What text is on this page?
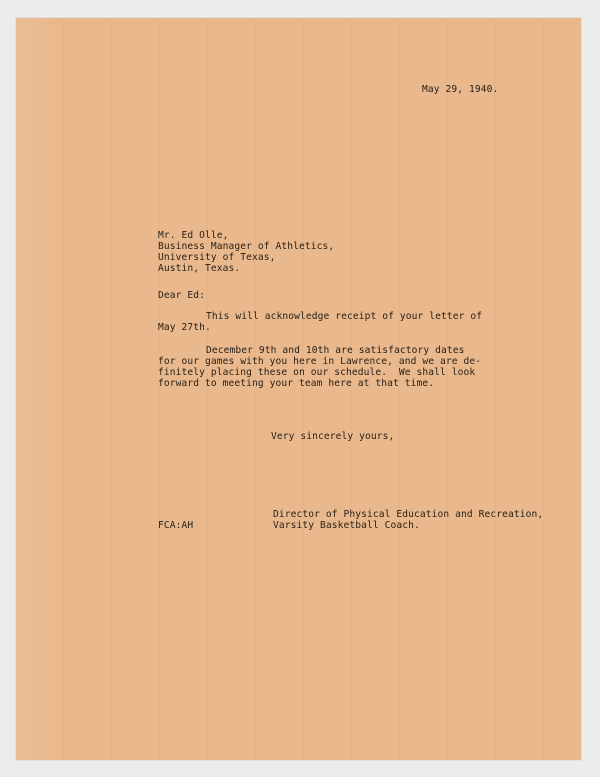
May 29, 1940.
Mr. Ed Olle,
Business Manager of Athletics,
University of Texas,
Austin, Texas.
Dear Ed:
This will acknowledge receipt of your letter of
May 27th.
December 9th and 10th are satisfactory dates
for our games with you here in Lawrence, and we are de-
finitely placing these on our schedule.  We shall look
forward to meeting your team here at that time.
Very sincerely yours,
Director of Physical Education and Recreation,
Varsity Basketball Coach.
FCA:AH
